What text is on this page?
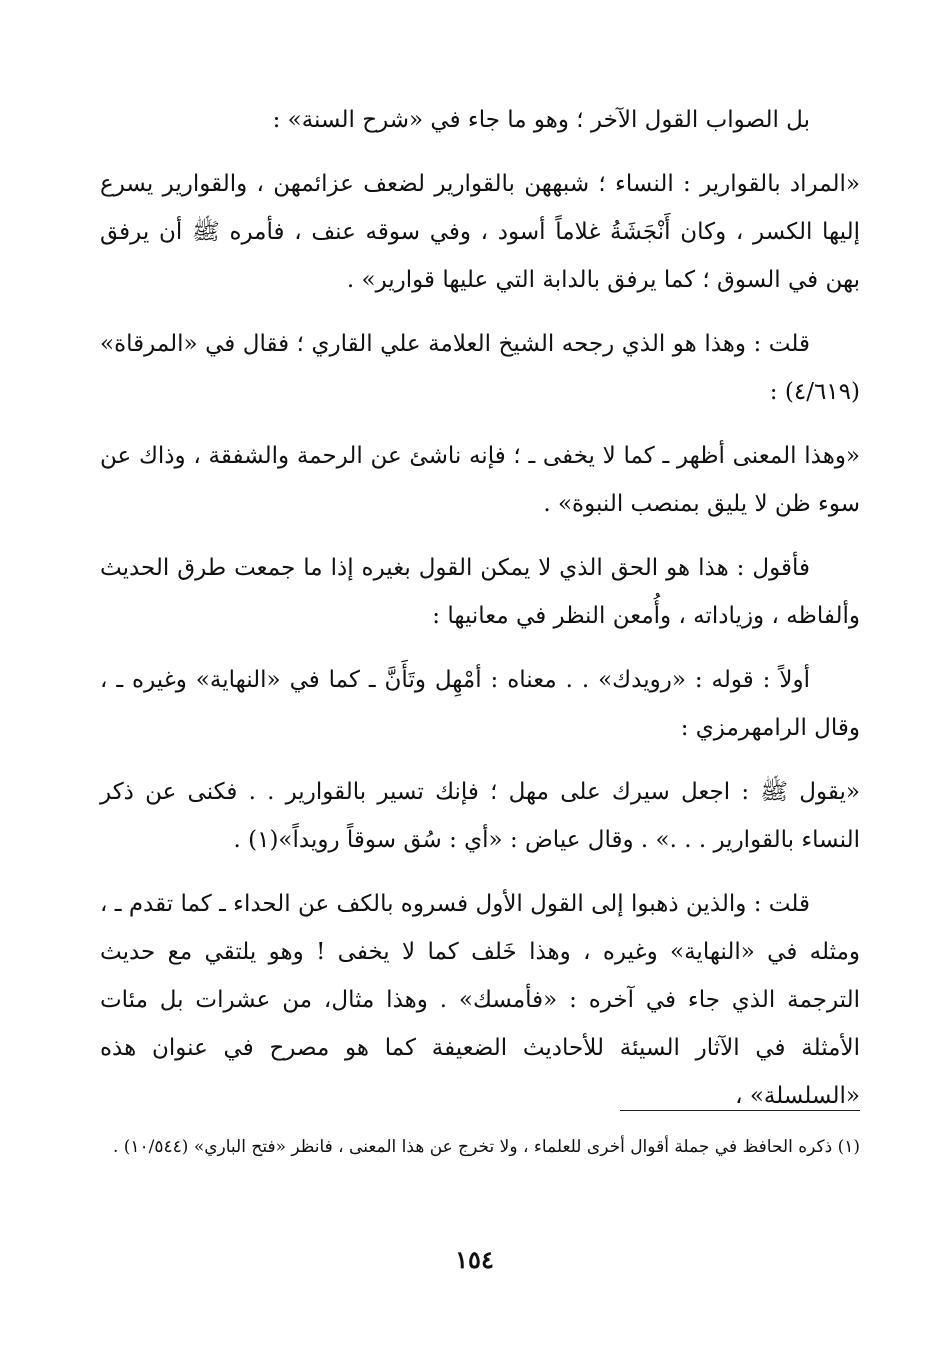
بل الصواب القول الآخر ؛ وهو ما جاء في «شرح السنة» :

«المراد بالقوارير : النساء ؛ شبههن بالقوارير لضعف عزائمهن ، والقوارير يسرع إليها الكسر ، وكان أَنْجَشَةُ غلاماً أسود ، وفي سوقه عنف ، فأمره ﷺ أن يرفق بهن في السوق ؛ كما يرفق بالدابة التي عليها قوارير» .

قلت : وهذا هو الذي رجحه الشيخ العلامة علي القاري ؛ فقال في «المرقاة» (٤/٦١٩) :

«وهذا المعنى أظهر ـ كما لا يخفى ـ ؛ فإنه ناشئ عن الرحمة والشفقة ، وذاك عن سوء ظن لا يليق بمنصب النبوة» .

فأقول : هذا هو الحق الذي لا يمكن القول بغيره إذا ما جمعت طرق الحديث وألفاظه ، وزياداته ، وأُمعن النظر في معانيها :

أولاً : قوله : «رويدك» . . معناه : أمْهِل وتَأَنَّ ـ كما في «النهاية» وغيره ـ ، وقال الرامهرمزي :

«يقول ﷺ : اجعل سيرك على مهل ؛ فإنك تسير بالقوارير . . فكنى عن ذكر النساء بالقوارير . . .» . وقال عياض : «أي : سُق سوقاً رويداً»(١) .

قلت : والذين ذهبوا إلى القول الأول فسروه بالكف عن الحداء ـ كما تقدم ـ ، ومثله في «النهاية» وغيره ، وهذا خَلف كما لا يخفى ! وهو يلتقي مع حديث الترجمة الذي جاء في آخره : «فأمسك» . وهذا مثال، من عشرات بل مئات الأمثلة في الآثار السيئة للأحاديث الضعيفة كما هو مصرح في عنوان هذه «السلسلة» ،

(١) ذكره الحافظ في جملة أقوال أخرى للعلماء ، ولا تخرج عن هذا المعنى ، فانظر «فتح الباري» (١٠/٥٤٤) .
١٥٤
